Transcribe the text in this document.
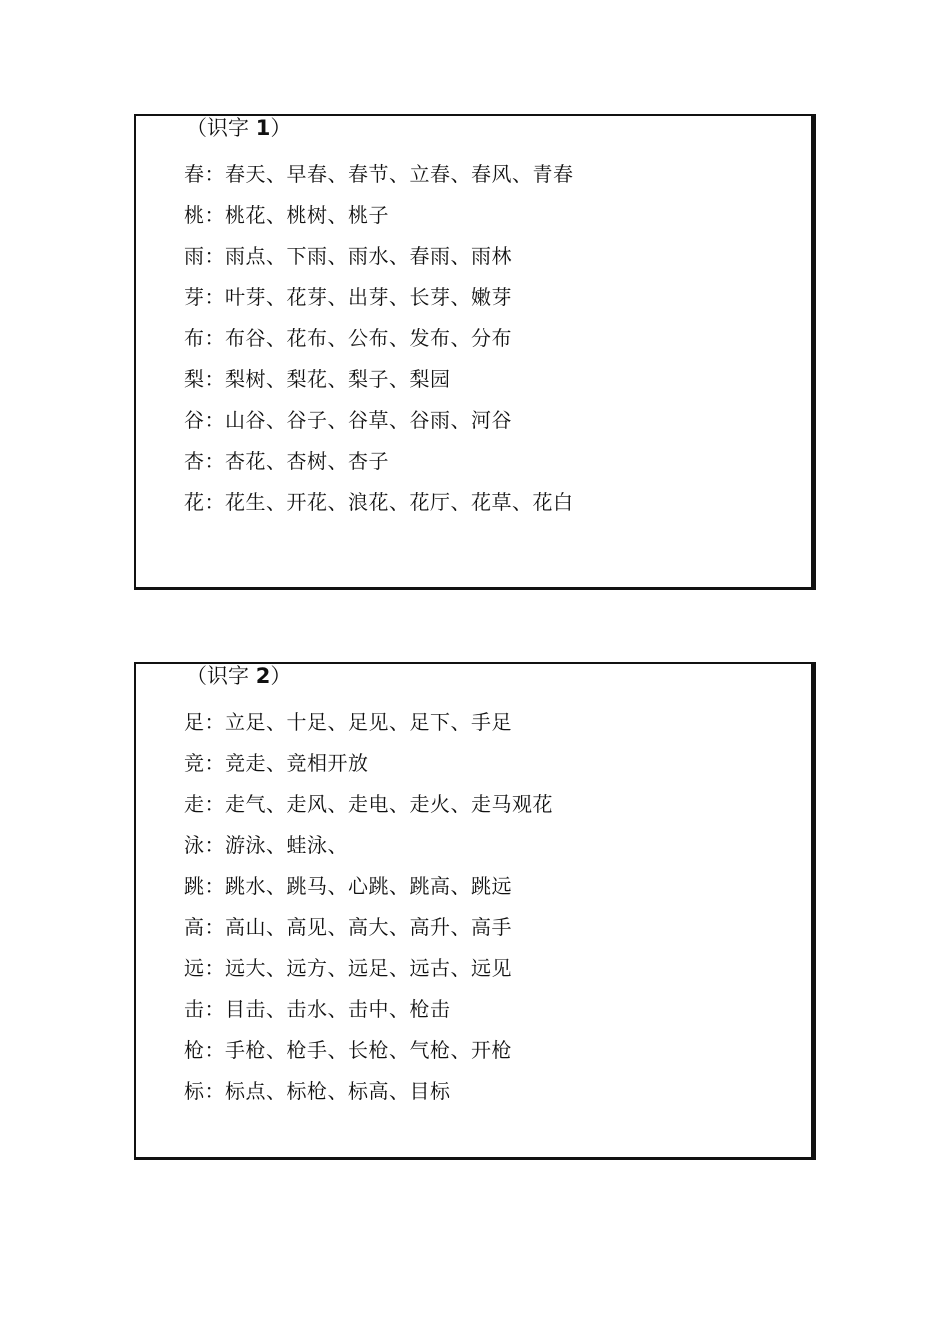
（识字 1）
春：春天、早春、春节、立春、春风、青春
桃：桃花、桃树、桃子
雨：雨点、下雨、雨水、春雨、雨林
芽：叶芽、花芽、出芽、长芽、嫩芽
布：布谷、花布、公布、发布、分布
梨：梨树、梨花、梨子、梨园
谷：山谷、谷子、谷草、谷雨、河谷
杏：杏花、杏树、杏子
花：花生、开花、浪花、花厅、花草、花白
（识字 2）
足：立足、十足、足见、足下、手足
竞：竞走、竞相开放
走：走气、走风、走电、走火、走马观花
泳：游泳、蛙泳、
跳：跳水、跳马、心跳、跳高、跳远
高：高山、高见、高大、高升、高手
远：远大、远方、远足、远古、远见
击：目击、击水、击中、枪击
枪：手枪、枪手、长枪、气枪、开枪
标：标点、标枪、标高、目标
